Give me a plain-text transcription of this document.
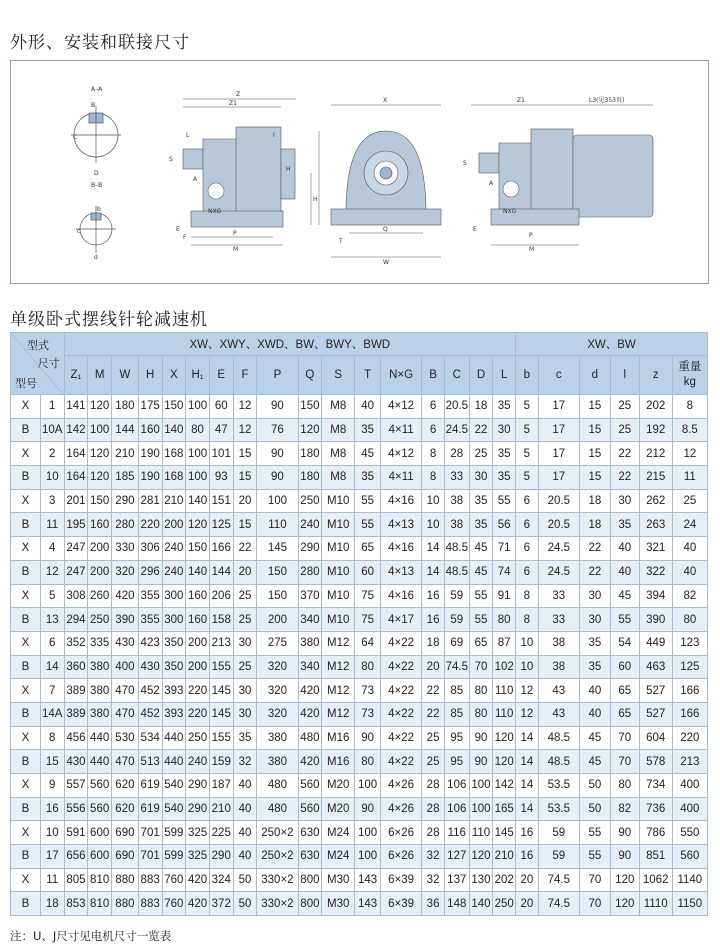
外形、安装和联接尺寸
A–A
B
C
D
B–B
b
c
d
Z
Z1
L	I
S
A
E
F
P
M
H
NXG
X
Q
W
T
H
Z1	L3(见353页)
S
A
NXG
E
P
M
单级卧式摆线针轮减速机
型式
尺寸
型号		XW、XWY、XWD、BW、BWY、BWD																	XW、BW					
		Z₁	M	W	H	X	H₁	E	F	P	Q	S	T	N×G	B	C	D	L	b	c	d	l	z	重量
kg
X	1	141	120	180	175	150	100	60	12	90	150	M8	40	4×12	6	20.5	18	35	5	17	15	25	202	8
B	10A	142	100	144	160	140	80	47	12	76	120	M8	35	4×11	6	24.5	22	30	5	17	15	25	192	8.5
X	2	164	120	210	190	168	100	101	15	90	180	M8	45	4×12	8	28	25	35	5	17	15	22	212	12
B	10	164	120	185	190	168	100	93	15	90	180	M8	35	4×11	8	33	30	35	5	17	15	22	215	11
X	3	201	150	290	281	210	140	151	20	100	250	M10	55	4×16	10	38	35	55	6	20.5	18	30	262	25
B	11	195	160	280	220	200	120	125	15	110	240	M10	55	4×13	10	38	35	56	6	20.5	18	35	263	24
X	4	247	200	330	306	240	150	166	22	145	290	M10	65	4×16	14	48.5	45	71	6	24.5	22	40	321	40
B	12	247	200	320	296	240	140	144	20	150	280	M10	60	4×13	14	48.5	45	74	6	24.5	22	40	322	40
X	5	308	260	420	355	300	160	206	25	150	370	M10	75	4×16	16	59	55	91	8	33	30	45	394	82
B	13	294	250	390	355	300	160	158	25	200	340	M10	75	4×17	16	59	55	80	8	33	30	55	390	80
X	6	352	335	430	423	350	200	213	30	275	380	M12	64	4×22	18	69	65	87	10	38	35	54	449	123
B	14	360	380	400	430	350	200	155	25	320	340	M12	80	4×22	20	74.5	70	102	10	38	35	60	463	125
X	7	389	380	470	452	393	220	145	30	320	420	M12	73	4×22	22	85	80	110	12	43	40	65	527	166
B	14A	389	380	470	452	393	220	145	30	320	420	M12	73	4×22	22	85	80	110	12	43	40	65	527	166
X	8	456	440	530	534	440	250	155	35	380	480	M16	90	4×22	25	95	90	120	14	48.5	45	70	604	220
B	15	430	440	470	513	440	240	159	32	380	420	M16	80	4×22	25	95	90	120	14	48.5	45	70	578	213
X	9	557	560	620	619	540	290	187	40	480	560	M20	100	4×26	28	106	100	142	14	53.5	50	80	734	400
B	16	556	560	620	619	540	290	210	40	480	560	M20	90	4×26	28	106	100	165	14	53.5	50	82	736	400
X	10	591	600	690	701	599	325	225	40	250×2	630	M24	100	6×26	28	116	110	145	16	59	55	90	786	550
B	17	656	600	690	701	599	325	290	40	250×2	630	M24	100	6×26	32	127	120	210	16	59	55	90	851	560
X	11	805	810	880	883	760	420	324	50	330×2	800	M30	143	6×39	32	137	130	202	20	74.5	70	120	1062	1140
B	18	853	810	880	883	760	420	372	50	330×2	800	M30	143	6×39	36	148	140	250	20	74.5	70	120	1110	1150
注：U、J尺寸见电机尺寸一览表
